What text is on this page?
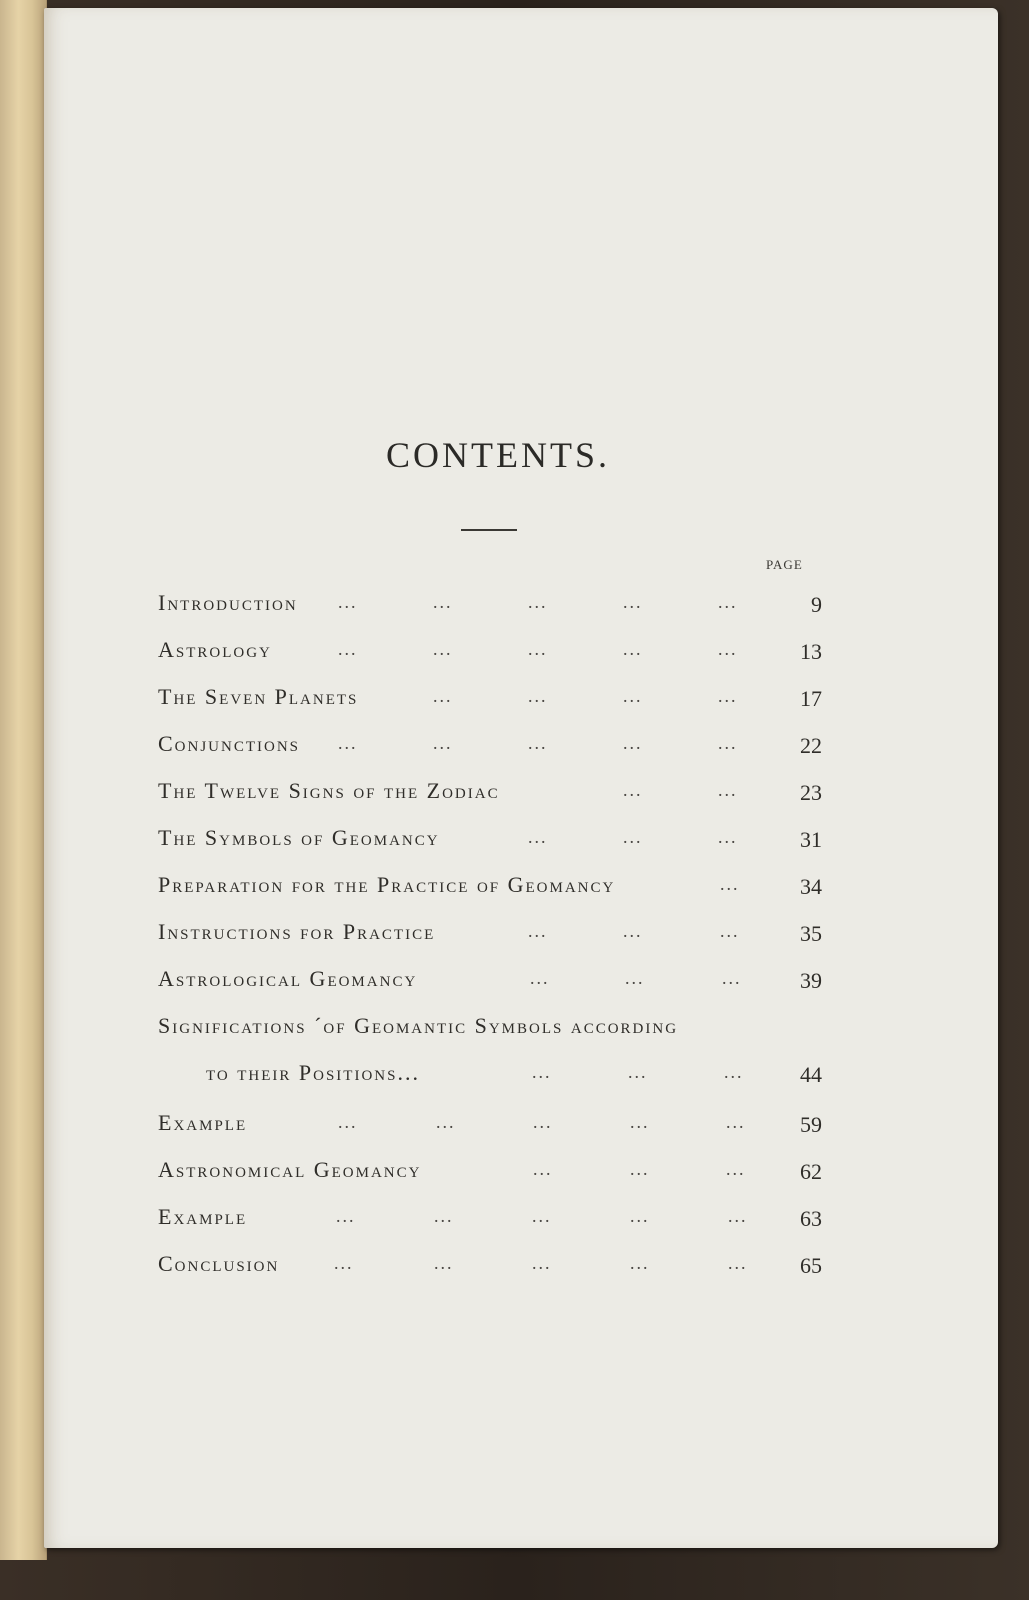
CONTENTS.
PAGE
Introduction ...	...	...	...	...	9
Astrology	...	...	...	...	...	13
The Seven Planets	...	...	...	...	17
Conjunctions ...	...	...	...	...	22
The Twelve Signs of the Zodiac	...	...	23
The Symbols of Geomancy	...	...	...	31
Preparation for the Practice of Geomancy	...	34
Instructions for Practice	...	...	...	35
Astrological Geomancy	...	...	...	39
Significations ´of Geomantic Symbols according
to their Positions...	...	...	...	44
Example	...	...	...	...	... 59
Astronomical Geomancy	...	...	... 62
Example	...	...	...	...	... 63
Conclusion	...	...	...	...	... 65
